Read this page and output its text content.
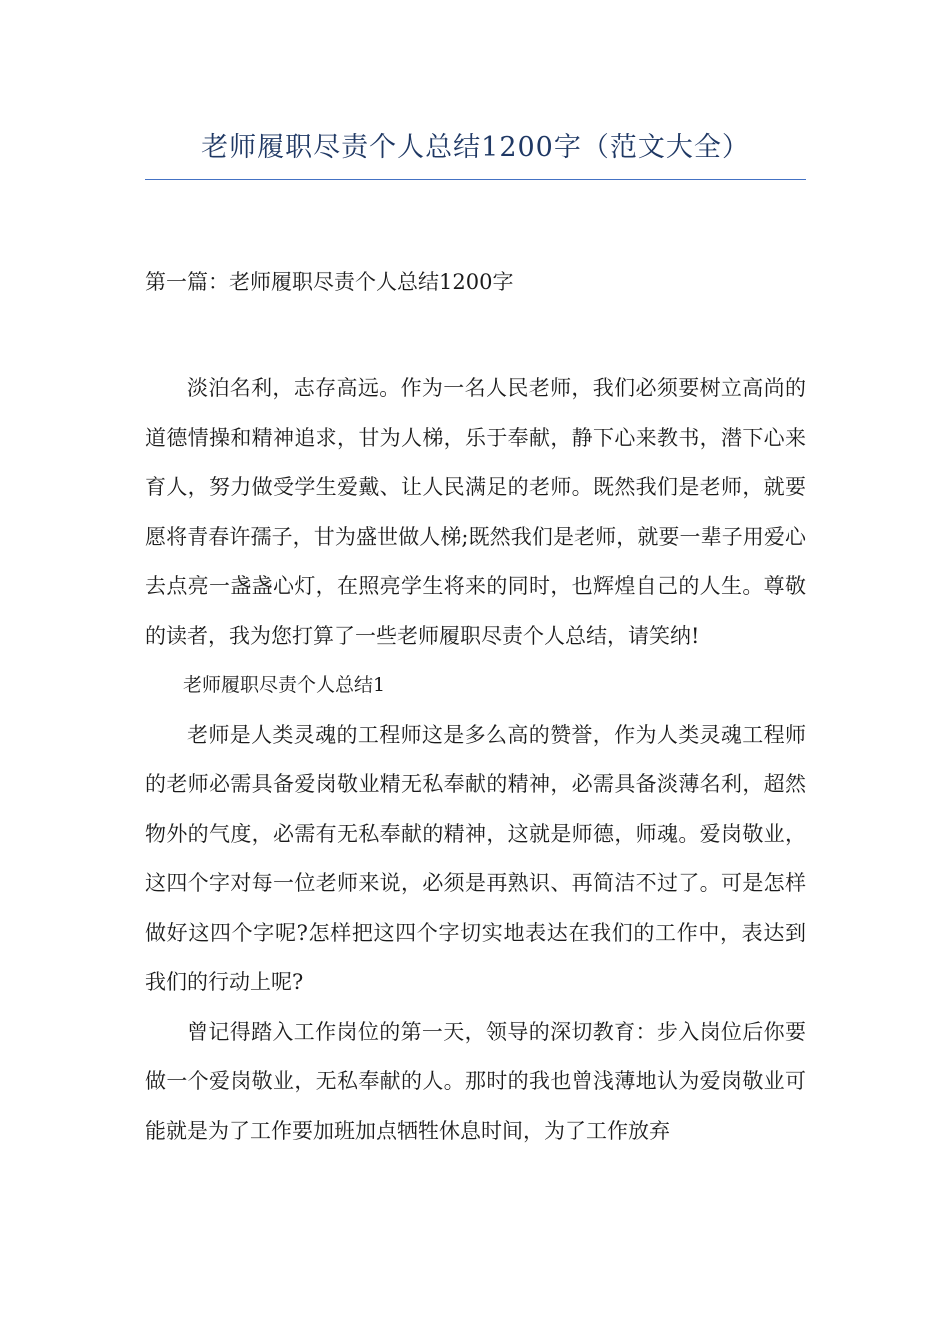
老师履职尽责个人总结1200字（范文大全）
第一篇：老师履职尽责个人总结1200字

淡泊名利，志存高远。作为一名人民老师，我们必须要树立高尚的道德情操和精神追求，甘为人梯，乐于奉献，静下心来教书，潜下心来育人，努力做受学生爱戴、让人民满足的老师。既然我们是老师，就要愿将青春许孺子，甘为盛世做人梯;既然我们是老师，就要一辈子用爱心去点亮一盏盏心灯，在照亮学生将来的同时，也辉煌自己的人生。尊敬的读者，我为您打算了一些老师履职尽责个人总结，请笑纳!

老师履职尽责个人总结1

老师是人类灵魂的工程师这是多么高的赞誉，作为人类灵魂工程师的老师必需具备爱岗敬业精无私奉献的精神，必需具备淡薄名利，超然物外的气度，必需有无私奉献的精神，这就是师德，师魂。爱岗敬业，这四个字对每一位老师来说，必须是再熟识、再简洁不过了。可是怎样做好这四个字呢?怎样把这四个字切实地表达在我们的工作中，表达到我们的行动上呢?

曾记得踏入工作岗位的第一天，领导的深切教育：步入岗位后你要做一个爱岗敬业，无私奉献的人。那时的我也曾浅薄地认为爱岗敬业可能就是为了工作要加班加点牺牲休息时间，为了工作放弃
